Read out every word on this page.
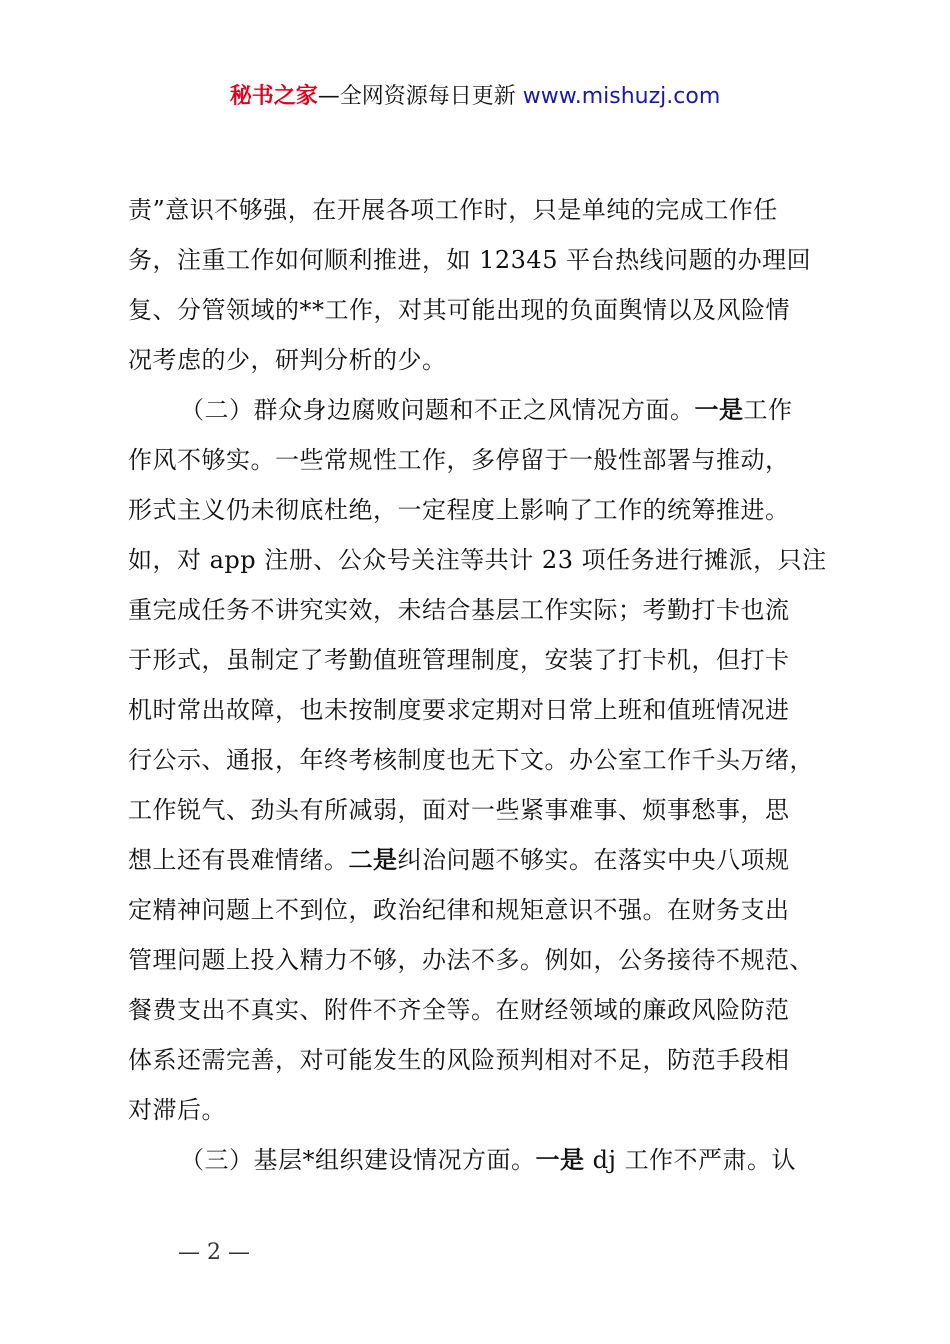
秘书之家—全网资源每日更新 www.mishuzj.com
责”意识不够强，在开展各项工作时，只是单纯的完成工作任
务，注重工作如何顺利推进，如 12345 平台热线问题的办理回
复、分管领域的**工作，对其可能出现的负面舆情以及风险情
况考虑的少，研判分析的少。
（二）群众身边腐败问题和不正之风情况方面。一是工作
作风不够实。一些常规性工作，多停留于一般性部署与推动，
形式主义仍未彻底杜绝，一定程度上影响了工作的统筹推进。
如，对 app 注册、公众号关注等共计 23 项任务进行摊派，只注
重完成任务不讲究实效，未结合基层工作实际；考勤打卡也流
于形式，虽制定了考勤值班管理制度，安装了打卡机，但打卡
机时常出故障，也未按制度要求定期对日常上班和值班情况进
行公示、通报，年终考核制度也无下文。办公室工作千头万绪，
工作锐气、劲头有所减弱，面对一些紧事难事、烦事愁事，思
想上还有畏难情绪。二是纠治问题不够实。在落实中央八项规
定精神问题上不到位，政治纪律和规矩意识不强。在财务支出
管理问题上投入精力不够，办法不多。例如，公务接待不规范、
餐费支出不真实、附件不齐全等。在财经领域的廉政风险防范
体系还需完善，对可能发生的风险预判相对不足，防范手段相
对滞后。
（三）基层*组织建设情况方面。一是 dj 工作不严肃。认
— 2 —
